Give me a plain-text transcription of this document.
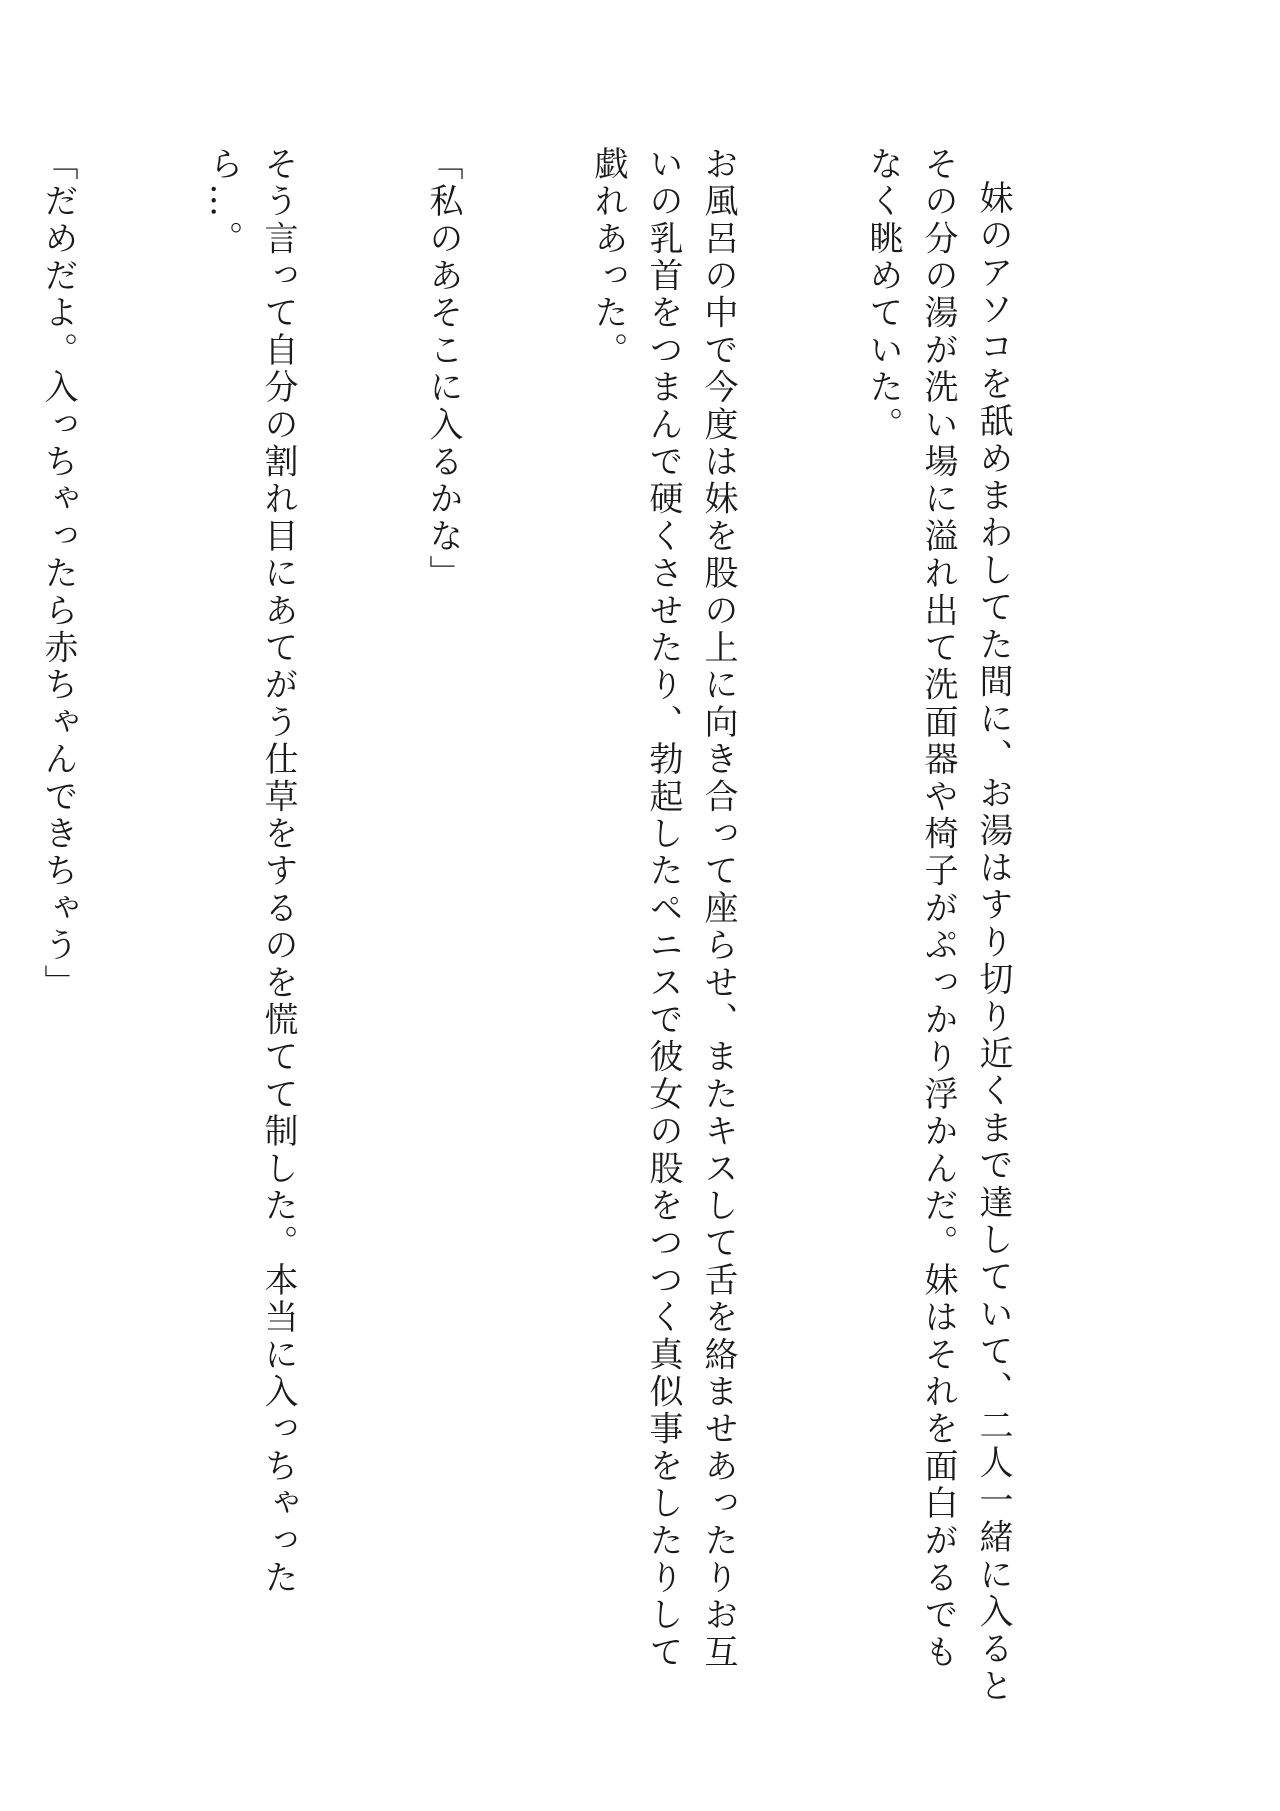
妹のアソコを舐めまわしてた間に、お湯はすり切り近くまで達していて、二人一緒に入るとその分の湯が洗い場に溢れ出て洗面器や椅子がぷっかり浮かんだ。妹はそれを面白がるでもなく眺めていた。

お風呂の中で今度は妹を股の上に向き合って座らせ、またキスして舌を絡ませあったりお互いの乳首をつまんで硬くさせたり、勃起したペニスで彼女の股をつつく真似事をしたりして戯れあった。

「私のあそこに入るかな」

そう言って自分の割れ目にあてがう仕草をするのを慌てて制した。本当に入っちゃったら…。

「だめだよ。入っちゃったら赤ちゃんできちゃう」
